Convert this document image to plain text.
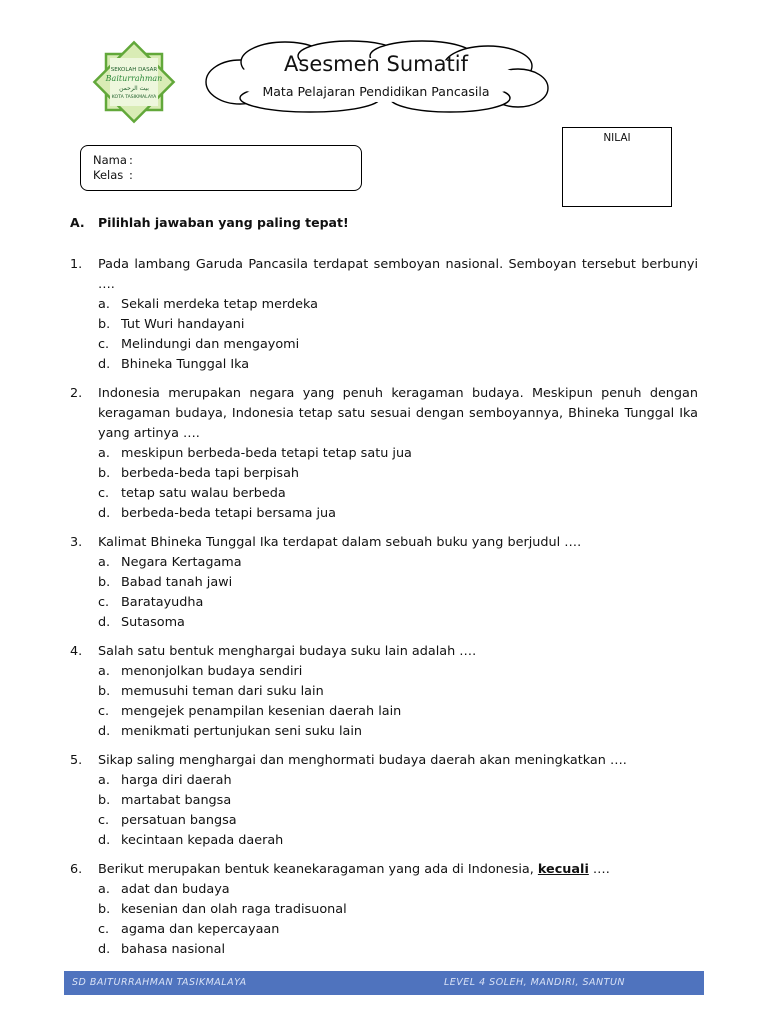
SEKOLAH DASAR
Baiturrahman
بيت الرحمن
KOTA TASIKMALAYA
Asesmen Sumatif
Mata Pelajaran Pendidikan Pancasila
NILAI
Nama :
Kelas :
A. Pilihlah jawaban yang paling tepat!
1.	Pada lambang Garuda Pancasila terdapat semboyan nasional. Semboyan tersebut berbunyi ….
a. Sekali merdeka tetap merdeka
b. Tut Wuri handayani
c. Melindungi dan mengayomi
d. Bhineka Tunggal Ika
2.	Indonesia merupakan negara yang penuh keragaman budaya. Meskipun penuh dengan keragaman budaya, Indonesia tetap satu sesuai dengan semboyannya, Bhineka Tunggal Ika yang artinya ….
a. meskipun berbeda-beda tetapi tetap satu jua
b. berbeda-beda tapi berpisah
c. tetap satu walau berbeda
d. berbeda-beda tetapi bersama jua
3.	Kalimat Bhineka Tunggal Ika terdapat dalam sebuah buku yang berjudul ….
a. Negara Kertagama
b. Babad tanah jawi
c. Baratayudha
d. Sutasoma
4.	Salah satu bentuk menghargai budaya suku lain adalah ….
a. menonjolkan budaya sendiri
b. memusuhi teman dari suku lain
c. mengejek penampilan kesenian daerah lain
d. menikmati pertunjukan seni suku lain
5.	Sikap saling menghargai dan menghormati budaya daerah akan meningkatkan ….
a. harga diri daerah
b. martabat bangsa
c. persatuan bangsa
d. kecintaan kepada daerah
6.	Berikut merupakan bentuk keanekaragaman yang ada di Indonesia, kecuali ….
a. adat dan budaya
b. kesenian dan olah raga tradisuonal
c. agama dan kepercayaan
d. bahasa nasional
SD BAITURRAHMAN TASIKMALAYA	LEVEL 4 SOLEH, MANDIRI, SANTUN
